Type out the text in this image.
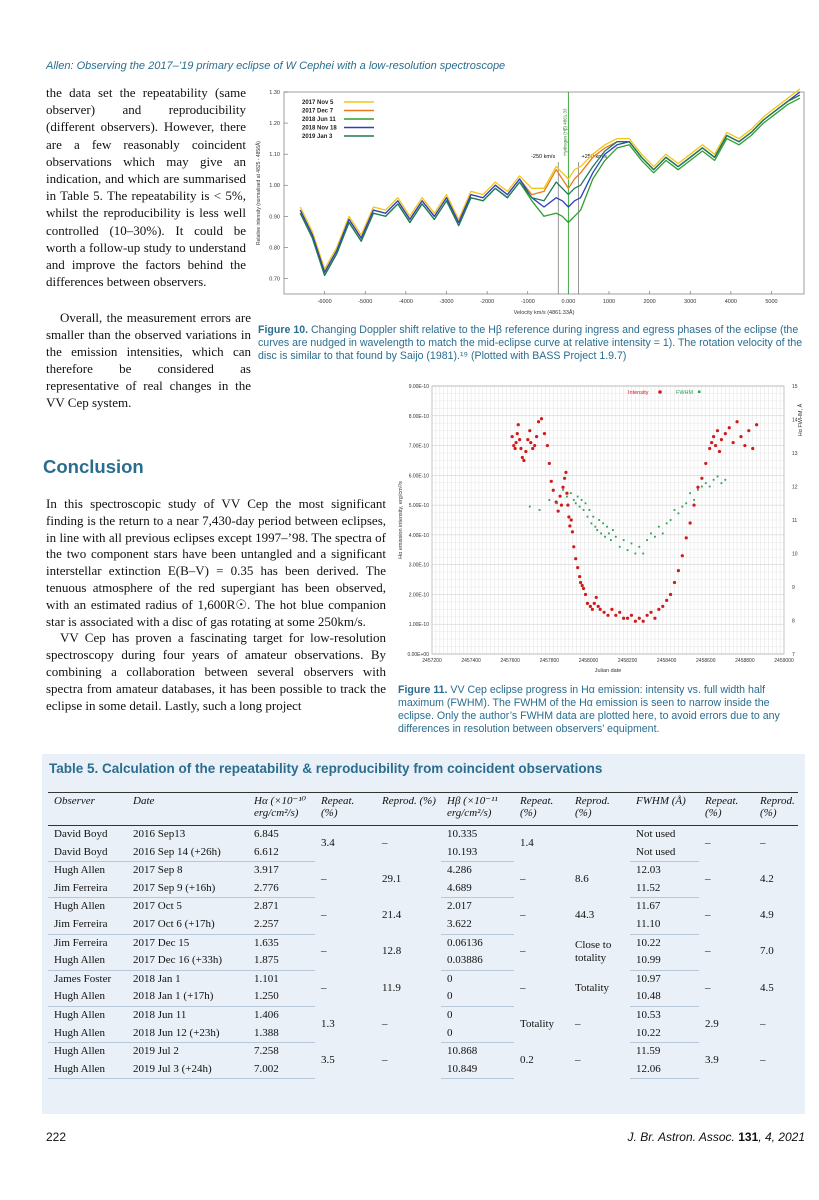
Allen: Observing the 2017–’19 primary eclipse of W Cephei with a low-resolution spectroscope

the data set the repeatability (same observer) and reproducibility (different observers). However, there are a few reasonably coincident observations which may give an indication, and which are summarised in Table 5. The repeatability is < 5%, whilst the reproducibility is less well controlled (10–30%). It could be worth a follow-up study to understand and improve the factors behind the differences between observers.

Overall, the measurement errors are smaller than the observed variations in the emission intensities, which can therefore be considered as representative of real changes in the VV Cep system.

0.70
0.80
0.90
1.00
1.10
1.20
1.30
-6000	-5000	-4000	-3000	-2000	-1000	0.000	1000	2000	3000	4000	5000
Velocity km/s (4861.33Å)
Relative intensity (normalised at 4825 - 4856Å)	-250 km/s	+250 km/s
Hydrogen (Hβ) 4861.33
2017 Nov 5
2017 Dec 7
2018 Jun 11
2018 Nov 18
2019 Jan 3
Figure 10. Changing Doppler shift relative to the Hβ reference during ingress and egress phases of the eclipse (the curves are nudged in wavelength to match the mid-eclipse curve at relative intensity = 1). The rotation velocity of the disc is similar to that found by Saijo (1981).¹⁹ (Plotted with BASS Project 1.9.7)
Conclusion

In this spectroscopic study of VV Cep the most significant finding is the return to a near 7,430-day period between eclipses, in line with all previous eclipses except 1997–’98. The spectra of the two component stars have been untangled and a significant interstellar extinction E(B–V) = 0.35 has been derived. The tenuous atmosphere of the red supergiant has been observed, with an estimated radius of 1,600R☉. The hot blue companion star is associated with a disc of gas rotating at some 250km/s.

VV Cep has proven a fascinating target for low-resolution spectroscopy during four years of amateur observations. By combining a collaboration between several observers with spectra from amateur databases, it has been possible to track the eclipse in some detail. Lastly, such a long project

0.00E+00
1.00E-10
2.00E-10
3.00E-10
4.00E-10
5.00E-10
6.00E-10
7.00E-10
8.00E-10
9.00E-10
7
8
9
10
11
12
13
14
15
2457200	2457400	2457600	2457800	2458000	2458200	2458400	2458600	2458800	2459000
Julian date
Hα emission intensity, erg/cm²/s
Hα FWHM, Å
Intensity	FWHM
Figure 11. VV Cep eclipse progress in Hα emission: intensity vs. full width half maximum (FWHM). The FWHM of the Hα emission is seen to narrow inside the eclipse. Only the author’s FWHM data are plotted here, to avoid errors due to any differences in resolution between observers’ equipment.
Table 5. Calculation of the repeatability & reproducibility from coincident observations
Observer	Date	Hα (×10⁻¹⁰ erg/cm²/s)	Repeat. (%)	Reprod. (%)	Hβ (×10⁻¹¹ erg/cm²/s)	Repeat. (%)	Reprod. (%)	FWHM (Å)	Repeat. (%)	Reprod. (%)
David Boyd	2016 Sep13	6.845	3.4	–	10.335	1.4		Not used	–	–
David Boyd	2016 Sep 14 (+26h)	6.612			10.193			Not used		
Hugh Allen	2017 Sep 8	3.917	–	29.1	4.286	–	8.6	12.03	–	4.2
Jim Ferreira	2017 Sep 9 (+16h)	2.776			4.689			11.52		
Hugh Allen	2017 Oct 5	2.871	–	21.4	2.017	–	44.3	11.67	–	4.9
Jim Ferreira	2017 Oct 6 (+17h)	2.257			3.622			11.10		
Jim Ferreira	2017 Dec 15	1.635	–	12.8	0.06136	–	Close to totality	10.22	–	7.0
Hugh Allen	2017 Dec 16 (+33h)	1.875			0.03886			10.99		
James Foster	2018 Jan 1	1.101	–	11.9	0	–	Totality	10.97	–	4.5
Hugh Allen	2018 Jan 1 (+17h)	1.250			0			10.48		
Hugh Allen	2018 Jun 11	1.406	1.3	–	0	Totality	–	10.53	2.9	–
Hugh Allen	2018 Jun 12 (+23h)	1.388			0			10.22		
Hugh Allen	2019 Jul 2	7.258	3.5	–	10.868	0.2	–	11.59	3.9	–
Hugh Allen	2019 Jul 3 (+24h)	7.002			10.849			12.06		
222	J. Br. Astron. Assoc. 131, 4, 2021
